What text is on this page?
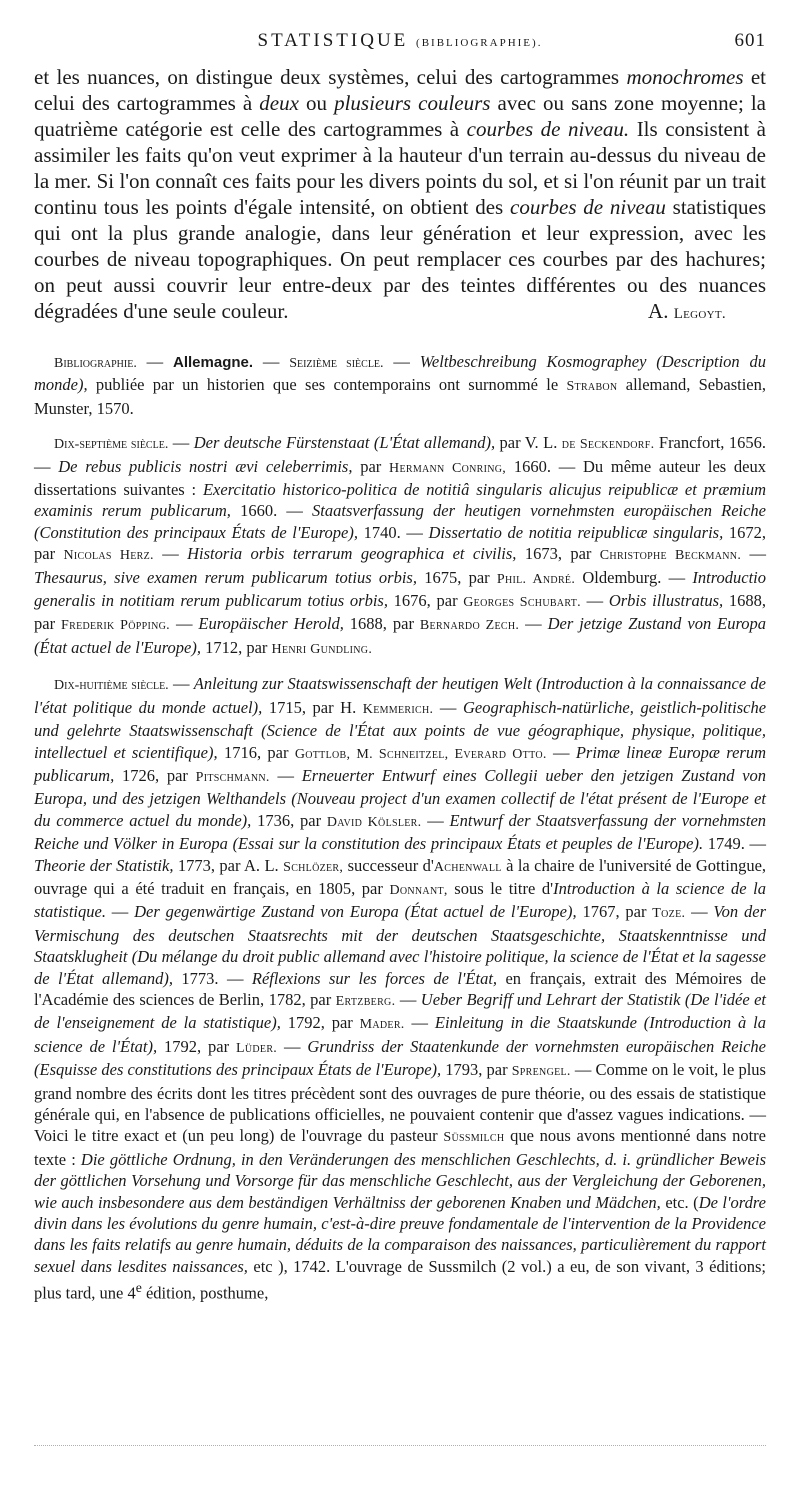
STATISTIQUE (BIBLIOGRAPHIE).	601
et les nuances, on distingue deux systèmes, celui des cartogrammes monochromes et celui des cartogrammes à deux ou plusieurs couleurs avec ou sans zone moyenne; la quatrième catégorie est celle des cartogrammes à courbes de niveau. Ils consistent à assimiler les faits qu'on veut exprimer à la hauteur d'un terrain au-dessus du niveau de la mer. Si l'on connaît ces faits pour les divers points du sol, et si l'on réunit par un trait continu tous les points d'égale intensité, on obtient des courbes de niveau statistiques qui ont la plus grande analogie, dans leur génération et leur expression, avec les courbes de niveau topographiques. On peut remplacer ces courbes par des hachures; on peut aussi couvrir leur entre-deux par des teintes différentes ou des nuances dégradées d'une seule couleur.	A. Legoyt.

Bibliographie. — Allemagne. — Seizième siècle. — Weltbeschreibung Kosmographey (Description du monde), publiée par un historien que ses contemporains ont surnommé le Strabon allemand, Sebastien, Munster, 1570.

Dix-septième siècle. — Der deutsche Fürstenstaat (L'État allemand), par V. L. de Seckendorf. Francfort, 1656. — De rebus publicis nostri ævi celeberrimis, par Hermann Conring, 1660. — Du même auteur les deux dissertations suivantes : Exercitatio historico-politica de notitiâ singularis alicujus reipublicæ et præmium examinis rerum publicarum, 1660. — Staatsverfassung der heutigen vornehmsten europäischen Reiche (Constitution des principaux États de l'Europe), 1740. — Dissertatio de notitia reipublicæ singularis, 1672, par Nicolas Herz. — Historia orbis terrarum geographica et civilis, 1673, par Christophe Beckmann. — Thesaurus, sive examen rerum publicarum totius orbis, 1675, par Phil. André. Oldemburg. — Introductio generalis in notitiam rerum publicarum totius orbis, 1676, par Georges Schubart. — Orbis illustratus, 1688, par Frederik Pöpping. — Europäischer Herold, 1688, par Bernardo Zech. — Der jetzige Zustand von Europa (État actuel de l'Europe), 1712, par Henri Gundling.

Dix-huitième siècle. — Anleitung zur Staatswissenschaft der heutigen Welt (Introduction à la connaissance de l'état politique du monde actuel), 1715, par H. Kemmerich. — Geographisch-natürliche, geistlich-politische und gelehrte Staatswissenschaft (Science de l'État aux points de vue géographique, physique, politique, intellectuel et scientifique), 1716, par Gottlob, M. Schneitzel, Everard Otto. — Primæ lineæ Europæ rerum publicarum, 1726, par Pitschmann. — Erneuerter Entwurf eines Collegii ueber den jetzigen Zustand von Europa, und des jetzigen Welthandels (Nouveau project d'un examen collectif de l'état présent de l'Europe et du commerce actuel du monde), 1736, par David Kölsler. — Entwurf der Staatsverfassung der vornehmsten Reiche und Völker in Europa (Essai sur la constitution des principaux États et peuples de l'Europe). 1749. — Theorie der Statistik, 1773, par A. L. Schlözer, successeur d'Achenwall à la chaire de l'université de Gottingue, ouvrage qui a été traduit en français, en 1805, par Donnant, sous le titre d'Introduction à la science de la statistique. — Der gegenwärtige Zustand von Europa (État actuel de l'Europe), 1767, par Toze. — Von der Vermischung des deutschen Staatsrechts mit der deutschen Staatsgeschichte, Staatskenntnisse und Staatsklugheit (Du mélange du droit public allemand avec l'histoire politique, la science de l'État et la sagesse de l'État allemand), 1773. — Réflexions sur les forces de l'État, en français, extrait des Mémoires de l'Académie des sciences de Berlin, 1782, par Ertzberg. — Ueber Begriff und Lehrart der Statistik (De l'idée et de l'enseignement de la statistique), 1792, par Mader. — Einleitung in die Staatskunde (Introduction à la science de l'État), 1792, par Lüder. — Grundriss der Staatenkunde der vornehmsten europäischen Reiche (Esquisse des constitutions des principaux États de l'Europe), 1793, par Sprengel. — Comme on le voit, le plus grand nombre des écrits dont les titres précèdent sont des ouvrages de pure théorie, ou des essais de statistique générale qui, en l'absence de publications officielles, ne pouvaient contenir que d'assez vagues indications. — Voici le titre exact et (un peu long) de l'ouvrage du pasteur Süssmilch que nous avons mentionné dans notre texte : Die göttliche Ordnung, in den Veränderungen des menschlichen Geschlechts, d. i. gründlicher Beweis der göttlichen Vorsehung und Vorsorge für das menschliche Geschlecht, aus der Vergleichung der Geborenen, wie auch insbesondere aus dem beständigen Verhältniss der geborenen Knaben und Mädchen, etc. (De l'ordre divin dans les évolutions du genre humain, c'est-à-dire preuve fondamentale de l'intervention de la Providence dans les faits relatifs au genre humain, déduits de la comparaison des naissances, particulièrement du rapport sexuel dans lesdites naissances, etc ), 1742. L'ouvrage de Sussmilch (2 vol.) a eu, de son vivant, 3 éditions; plus tard, une 4e édition, posthume,
